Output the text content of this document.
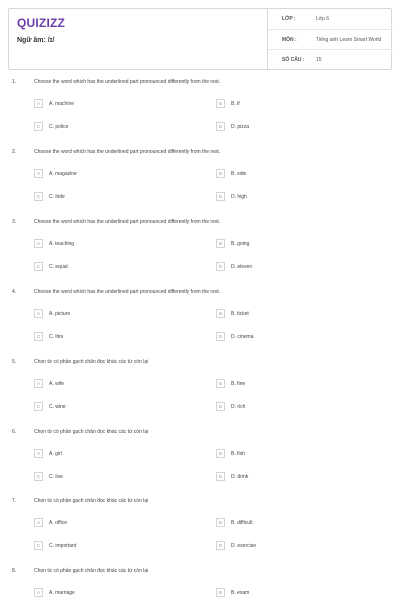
QUIZIZZ
Ngữ âm: /ɪ/
LỚP :	Lớp 6
MÔN :	Tiếng anh Learn Smart World
SỐ CÂU : 15
1.	Choose the word which has the underlined part pronounced differently from the rest.
A	A. machine	B	B. if
C	C. police	D	D. pizza
2.	Choose the word which has the underlined part pronounced differently from the rest.
A	A. magazine	B	B. side
C	C. hide	D	D. high
3.	Choose the word which has the underlined part pronounced differently from the rest.
A	A. teaching	B	B. going
C	C. equal	D	D. eleven
4.	Choose the word which has the underlined part pronounced differently from the rest.
A	A. picture	B	B. ticket
C	C. litre	D	D. cinema
5.	Chọn từ có phần gạch chân đọc khác các từ còn lại
A	A. wife	B	B. fine
C	C. wine	D	D. rich
6.	Chọn từ có phần gạch chân đọc khác các từ còn lại
A	A. girl	B	B. fish
C	C. live	D	D. drink
7.	Chọn từ có phần gạch chân đọc khác các từ còn lại
A	A. office	B	B. difficult
C	C. important	D	D. exercise
8.	Chọn từ có phần gạch chân đọc khác các từ còn lại
A	A. marriage	B	B. exam
